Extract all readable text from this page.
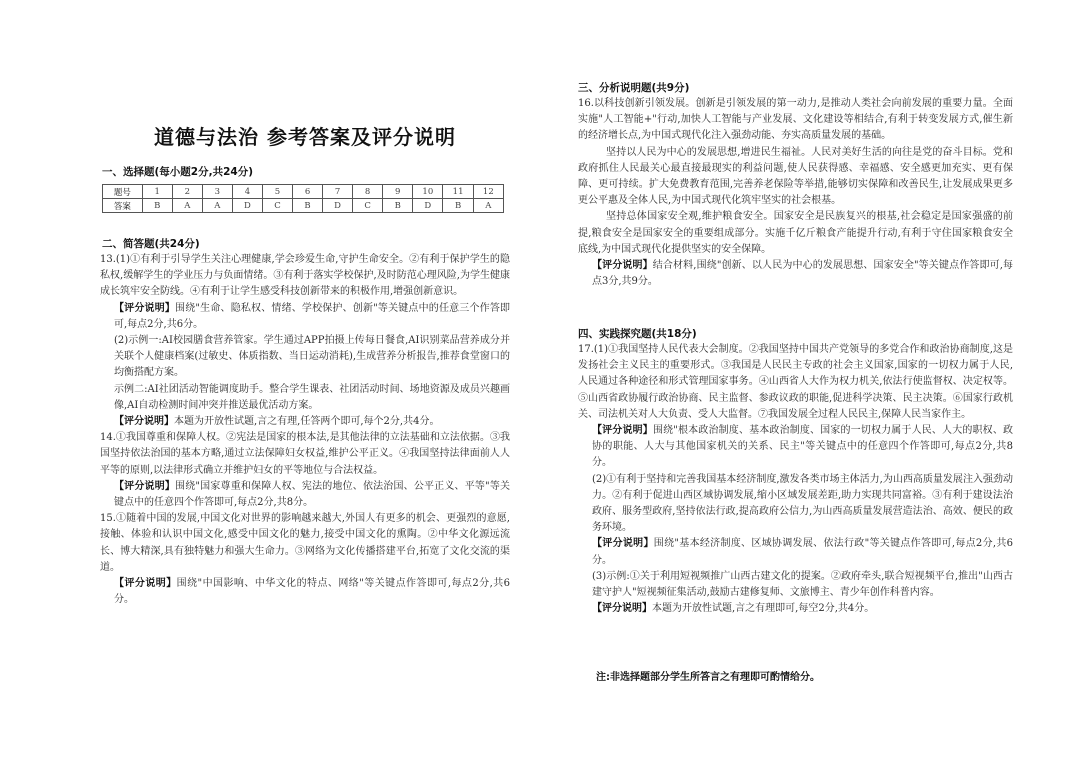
道德与法治 参考答案及评分说明
一、选择题(每小题2分,共24分)
题号	1	2	3	4	5	6	7	8	9	10	11	12
答案	B	A	A	D	C	B	D	C	B	D	B	A
二、简答题(共24分)

13.(1)①有利于引导学生关注心理健康,学会珍爱生命,守护生命安全。②有利于保护学生的隐私权,缓解学生的学业压力与负面情绪。③有利于落实学校保护,及时防范心理风险,为学生健康成长筑牢安全防线。④有利于让学生感受科技创新带来的积极作用,增强创新意识。

【评分说明】围绕"生命、隐私权、情绪、学校保护、创新"等关键点中的任意三个作答即可,每点2分,共6分。

(2)示例一:AI校园膳食营养管家。学生通过APP拍摄上传每日餐食,AI识别菜品营养成分并关联个人健康档案(过敏史、体质指数、当日运动消耗),生成营养分析报告,推荐食堂窗口的均衡搭配方案。

示例二:AI社团活动智能调度助手。整合学生课表、社团活动时间、场地资源及成员兴趣画像,AI自动检测时间冲突并推送最优活动方案。

【评分说明】本题为开放性试题,言之有理,任答两个即可,每个2分,共4分。

14.①我国尊重和保障人权。②宪法是国家的根本法,是其他法律的立法基础和立法依据。③我国坚持依法治国的基本方略,通过立法保障妇女权益,维护公平正义。④我国坚持法律面前人人平等的原则,以法律形式确立并维护妇女的平等地位与合法权益。

【评分说明】围绕"国家尊重和保障人权、宪法的地位、依法治国、公平正义、平等"等关键点中的任意四个作答即可,每点2分,共8分。

15.①随着中国的发展,中国文化对世界的影响越来越大,外国人有更多的机会、更强烈的意愿,接触、体验和认识中国文化,感受中国文化的魅力,接受中国文化的熏陶。②中华文化源远流长、博大精深,具有独特魅力和强大生命力。③网络为文化传播搭建平台,拓宽了文化交流的渠道。

【评分说明】围绕"中国影响、中华文化的特点、网络"等关键点作答即可,每点2分,共6分。

三、分析说明题(共9分)

16.以科技创新引领发展。创新是引领发展的第一动力,是推动人类社会向前发展的重要力量。全面实施"人工智能+"行动,加快人工智能与产业发展、文化建设等相结合,有利于转变发展方式,催生新的经济增长点,为中国式现代化注入强劲动能、夯实高质量发展的基础。

坚持以人民为中心的发展思想,增进民生福祉。人民对美好生活的向往是党的奋斗目标。党和政府抓住人民最关心最直接最现实的利益问题,使人民获得感、幸福感、安全感更加充实、更有保障、更可持续。扩大免费教育范围,完善养老保险等举措,能够切实保障和改善民生,让发展成果更多更公平惠及全体人民,为中国式现代化筑牢坚实的社会根基。

坚持总体国家安全观,维护粮食安全。国家安全是民族复兴的根基,社会稳定是国家强盛的前提,粮食安全是国家安全的重要组成部分。实施千亿斤粮食产能提升行动,有利于守住国家粮食安全底线,为中国式现代化提供坚实的安全保障。

【评分说明】结合材料,围绕"创新、以人民为中心的发展思想、国家安全"等关键点作答即可,每点3分,共9分。

四、实践探究题(共18分)

17.(1)①我国坚持人民代表大会制度。②我国坚持中国共产党领导的多党合作和政治协商制度,这是发扬社会主义民主的重要形式。③我国是人民民主专政的社会主义国家,国家的一切权力属于人民,人民通过各种途径和形式管理国家事务。④山西省人大作为权力机关,依法行使监督权、决定权等。⑤山西省政协履行政治协商、民主监督、参政议政的职能,促进科学决策、民主决策。⑥国家行政机关、司法机关对人大负责、受人大监督。⑦我国发展全过程人民民主,保障人民当家作主。

【评分说明】围绕"根本政治制度、基本政治制度、国家的一切权力属于人民、人大的职权、政协的职能、人大与其他国家机关的关系、民主"等关键点中的任意四个作答即可,每点2分,共8分。

(2)①有利于坚持和完善我国基本经济制度,激发各类市场主体活力,为山西高质量发展注入强劲动力。②有利于促进山西区域协调发展,缩小区域发展差距,助力实现共同富裕。③有利于建设法治政府、服务型政府,坚持依法行政,提高政府公信力,为山西高质量发展营造法治、高效、便民的政务环境。

【评分说明】围绕"基本经济制度、区域协调发展、依法行政"等关键点作答即可,每点2分,共6分。

(3)示例:①关于利用短视频推广山西古建文化的提案。②政府牵头,联合短视频平台,推出"山西古建守护人"短视频征集活动,鼓励古建修复师、文旅博主、青少年创作科普内容。

【评分说明】本题为开放性试题,言之有理即可,每空2分,共4分。

注:非选择题部分学生所答言之有理即可酌情给分。
